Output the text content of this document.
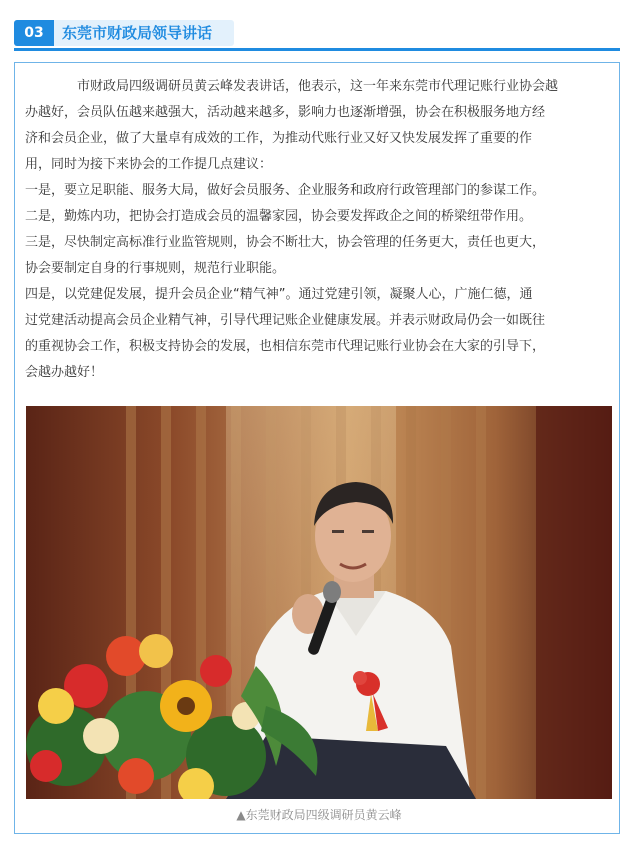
03	东莞市财政局领导讲话

市财政局四级调研员黄云峰发表讲话，他表示，这一年来东莞市代理记账行业协会越

办越好，会员队伍越来越强大，活动越来越多，影响力也逐渐增强，协会在积极服务地方经

济和会员企业，做了大量卓有成效的工作，为推动代账行业又好又快发展发挥了重要的作

用，同时为接下来协会的工作提几点建议：

一是，要立足职能、服务大局，做好会员服务、企业服务和政府行政管理部门的参谋工作。

二是，勤炼内功，把协会打造成会员的温馨家园，协会要发挥政企之间的桥梁纽带作用。

三是，尽快制定高标准行业监管规则，协会不断壮大，协会管理的任务更大，责任也更大，

协会要制定自身的行事规则，规范行业职能。

四是，以党建促发展，提升会员企业“精气神”。通过党建引领，凝聚人心，广施仁德，通

过党建活动提高会员企业精气神，引导代理记账企业健康发展。并表示财政局仍会一如既往

的重视协会工作，积极支持协会的发展，也相信东莞市代理记账行业协会在大家的引导下，

会越办越好！

▲东莞财政局四级调研员黄云峰
